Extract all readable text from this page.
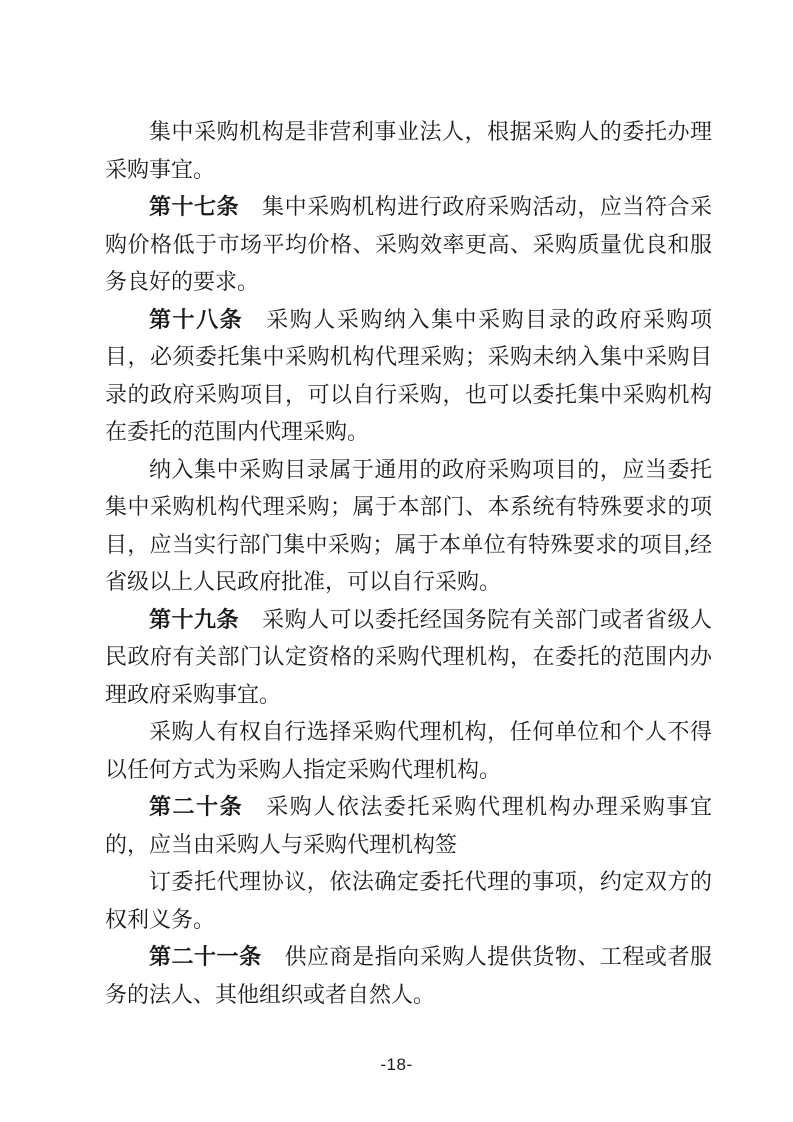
集中采购机构是非营利事业法人，根据采购人的委托办理采购事宜。

第十七条 集中采购机构进行政府采购活动，应当符合采购价格低于市场平均价格、采购效率更高、采购质量优良和服务良好的要求。

第十八条 采购人采购纳入集中采购目录的政府采购项目，必须委托集中采购机构代理采购；采购未纳入集中采购目录的政府采购项目，可以自行采购，也可以委托集中采购机构在委托的范围内代理采购。

纳入集中采购目录属于通用的政府采购项目的，应当委托集中采购机构代理采购；属于本部门、本系统有特殊要求的项目，应当实行部门集中采购；属于本单位有特殊要求的项目,经省级以上人民政府批准，可以自行采购。

第十九条 采购人可以委托经国务院有关部门或者省级人民政府有关部门认定资格的采购代理机构，在委托的范围内办理政府采购事宜。

采购人有权自行选择采购代理机构，任何单位和个人不得以任何方式为采购人指定采购代理机构。

第二十条 采购人依法委托采购代理机构办理采购事宜的，应当由采购人与采购代理机构签

订委托代理协议，依法确定委托代理的事项，约定双方的权利义务。

第二十一条 供应商是指向采购人提供货物、工程或者服务的法人、其他组织或者自然人。

-18-
